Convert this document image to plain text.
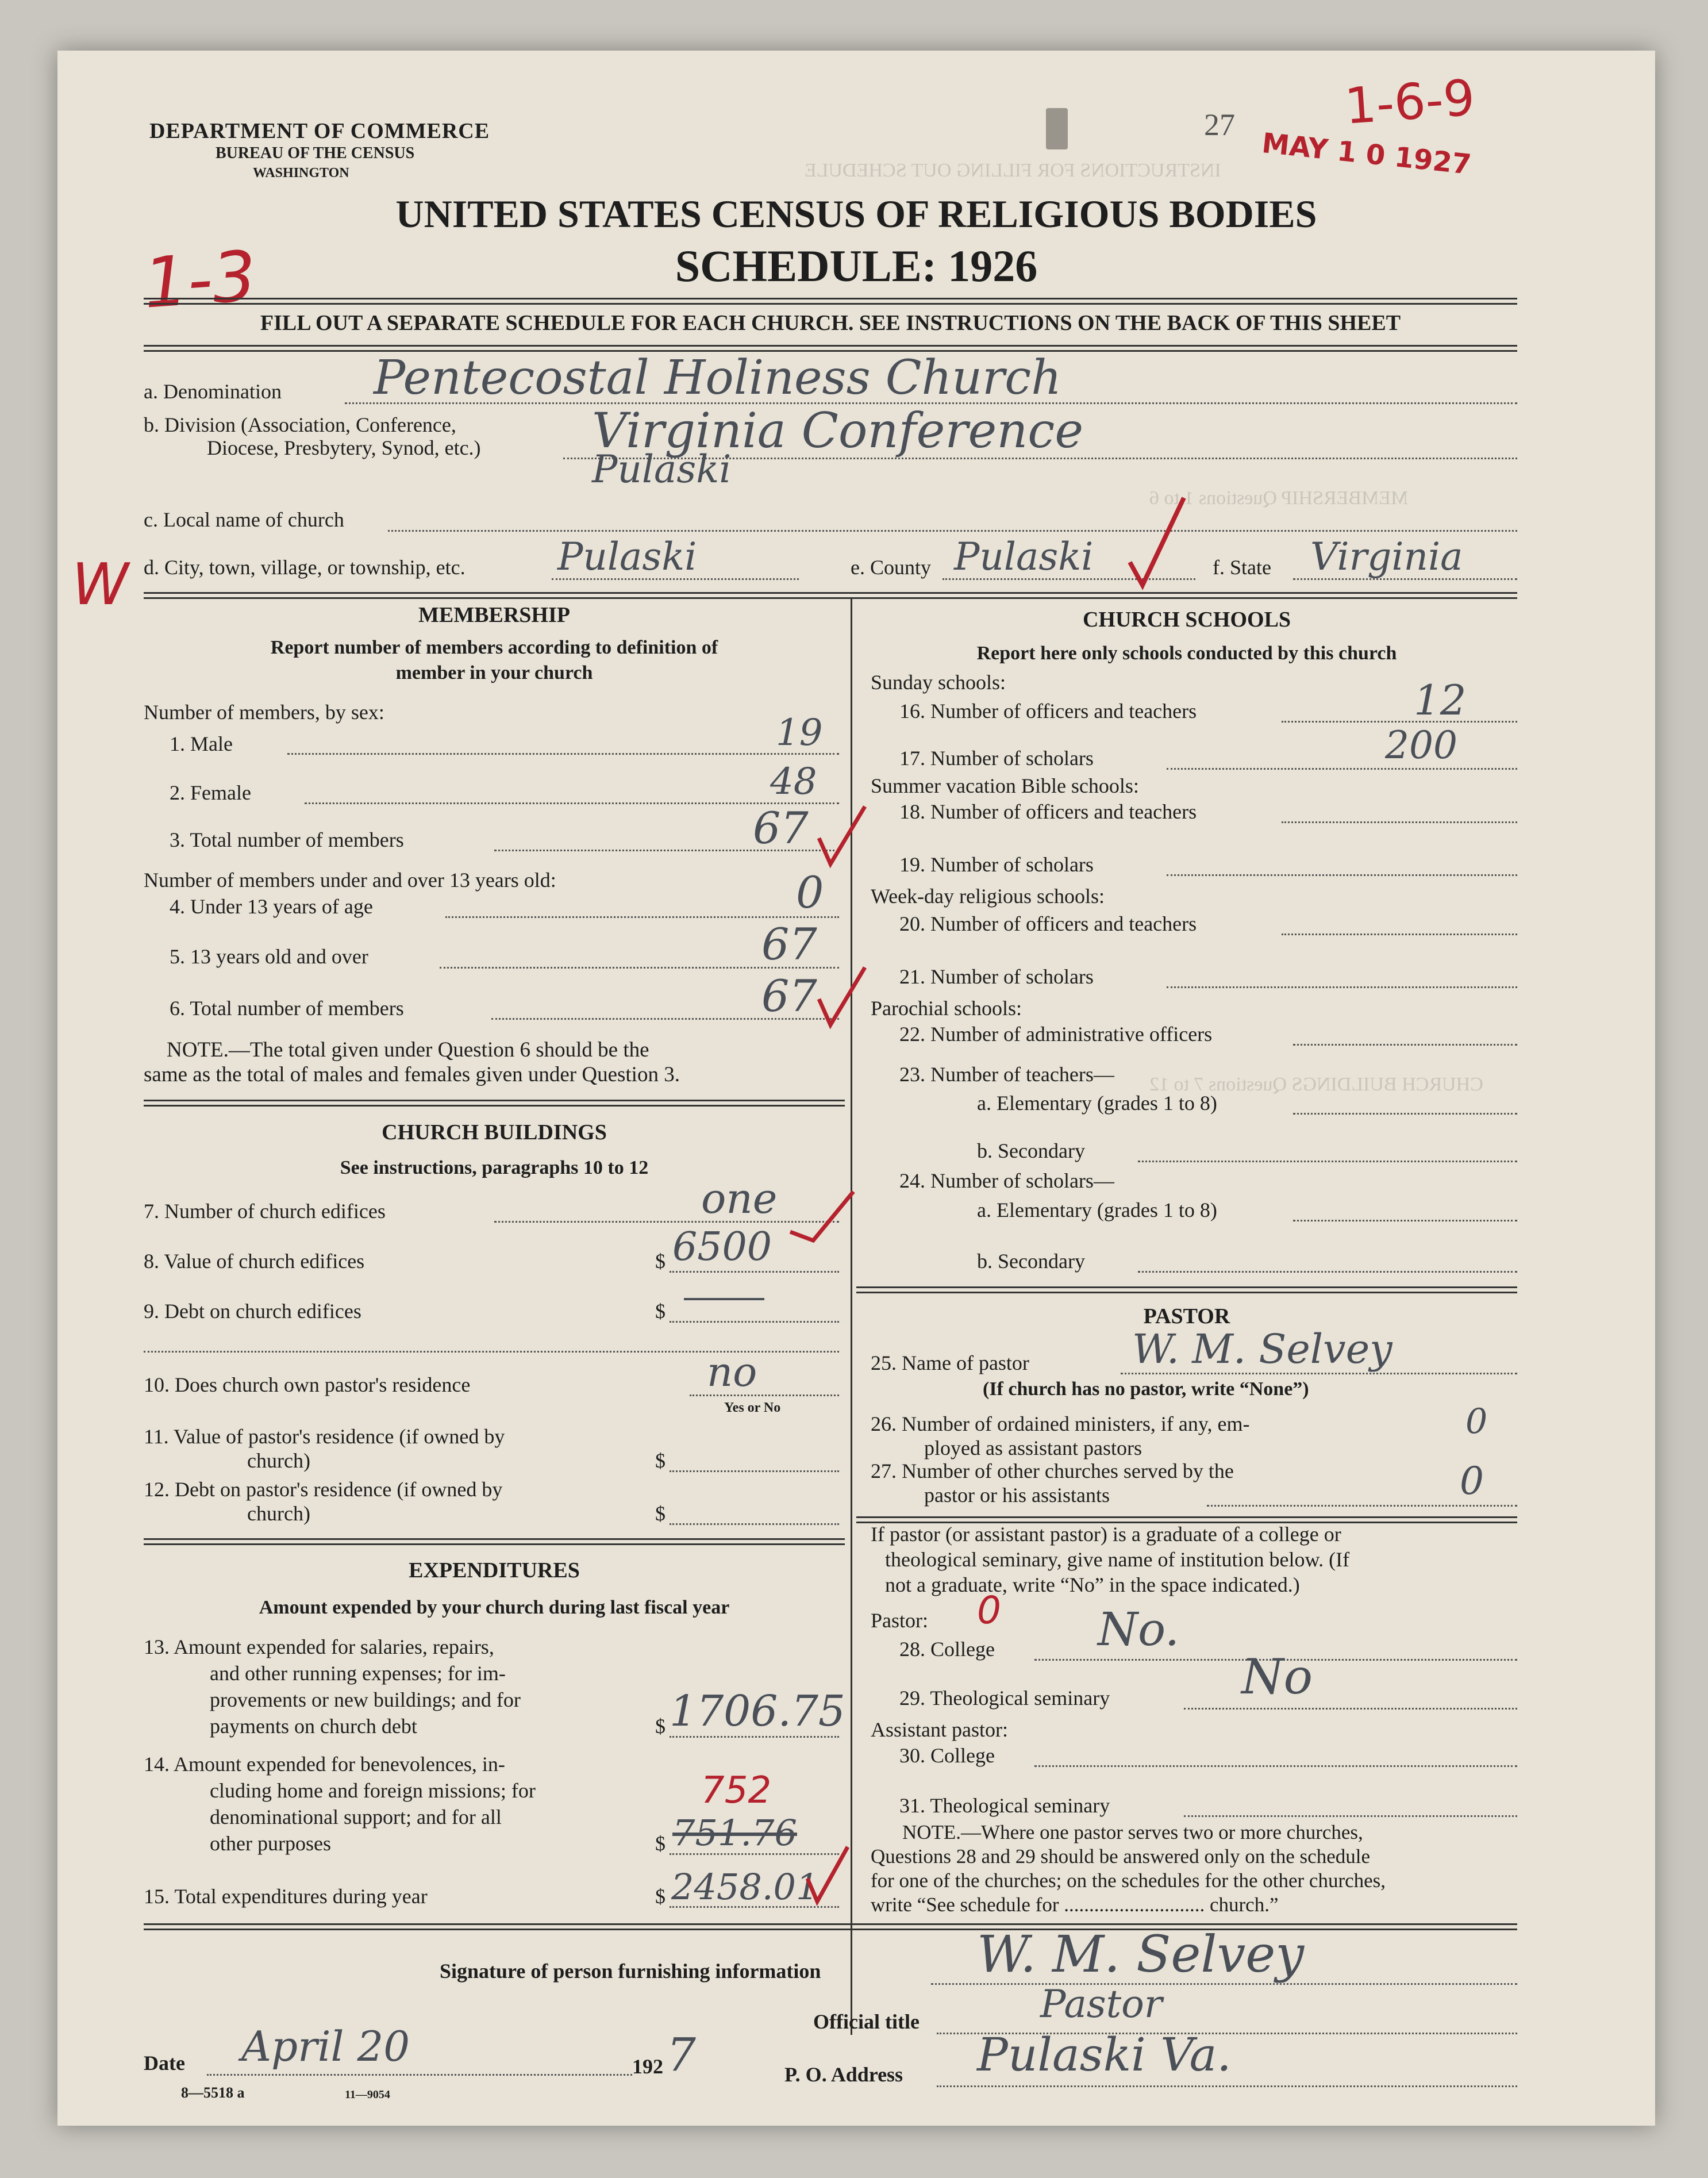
INSTRUCTIONS FOR FILLING OUT SCHEDULE
MEMBERSHIP Questions 1 to 6
CHURCH BUILDINGS Questions 7 to 12
DEPARTMENT OF COMMERCE
BUREAU OF THE CENSUS
WASHINGTON
27
MAY 1 0 1927
1-6-9
UNITED STATES CENSUS OF RELIGIOUS BODIES
SCHEDULE: 1926
1-3 FILL OUT A SEPARATE SCHEDULE FOR EACH CHURCH. SEE INSTRUCTIONS ON THE BACK OF THIS SHEET
a. Denomination Pentecostal Holiness Church
b. Division (Association, Conference,
Diocese, Presbytery, Synod, etc.) Virginia Conference
Pulaski
c. Local name of church
W d. City, town, village, or township, etc. Pulaski	e. County Pulaski	f. State Virginia
MEMBERSHIP
Report number of members according to definition of
member in your church
Number of members, by sex:
1. Male	19
2. Female	48
3. Total number of members	67
Number of members under and over 13 years old:
4. Under 13 years of age	0
5. 13 years old and over	67
6. Total number of members	67
NOTE.—The total given under Question 6 should be the
same as the total of males and females given under Question 3.
CHURCH BUILDINGS
See instructions, paragraphs 10 to 12
7. Number of church edifices	one
8. Value of church edifices	$ 6500
9. Debt on church edifices	$
10. Does church own pastor's residence	no
Yes or No
11. Value of pastor's residence (if owned by
church)	$
12. Debt on pastor's residence (if owned by
church)	$
EXPENDITURES
Amount expended by your church during last fiscal year
13. Amount expended for salaries, repairs,
and other running expenses; for im-
provements or new buildings; and for
payments on church debt	$ 1706.75
14. Amount expended for benevolences, in-
cluding home and foreign missions; for
denominational support; and for all
other purposes	$ 751.76
752
15. Total expenditures during year	$ 2458.01
CHURCH SCHOOLS
Report here only schools conducted by this church
Sunday schools:
16. Number of officers and teachers	12
17. Number of scholars	200
Summer vacation Bible schools:
18. Number of officers and teachers
19. Number of scholars
Week-day religious schools:
20. Number of officers and teachers
21. Number of scholars
Parochial schools:
22. Number of administrative officers
23. Number of teachers—
a. Elementary (grades 1 to 8)
b. Secondary
24. Number of scholars—
a. Elementary (grades 1 to 8)
b. Secondary
PASTOR
25. Name of pastor	W. M. Selvey
(If church has no pastor, write “None”)
26. Number of ordained ministers, if any, em-
ployed as assistant pastors
0
27. Number of other churches served by the
pastor or his assistants	0
If pastor (or assistant pastor) is a graduate of a college or
theological seminary, give name of institution below. (If
not a graduate, write “No” in the space indicated.)
Pastor: 0
28. College No.
29. Theological seminary	No
Assistant pastor:
30. College
31. Theological seminary
NOTE.—Where one pastor serves two or more churches,
Questions 28 and 29 should be answered only on the schedule
for one of the churches; on the schedules for the other churches,
write “See schedule for ............................ church.”
Signature of person furnishing information	W. M. Selvey
Official title	Pastor
Date April 20	192 7	P. O. Address Pulaski Va.
8—5518 a	11—9054
